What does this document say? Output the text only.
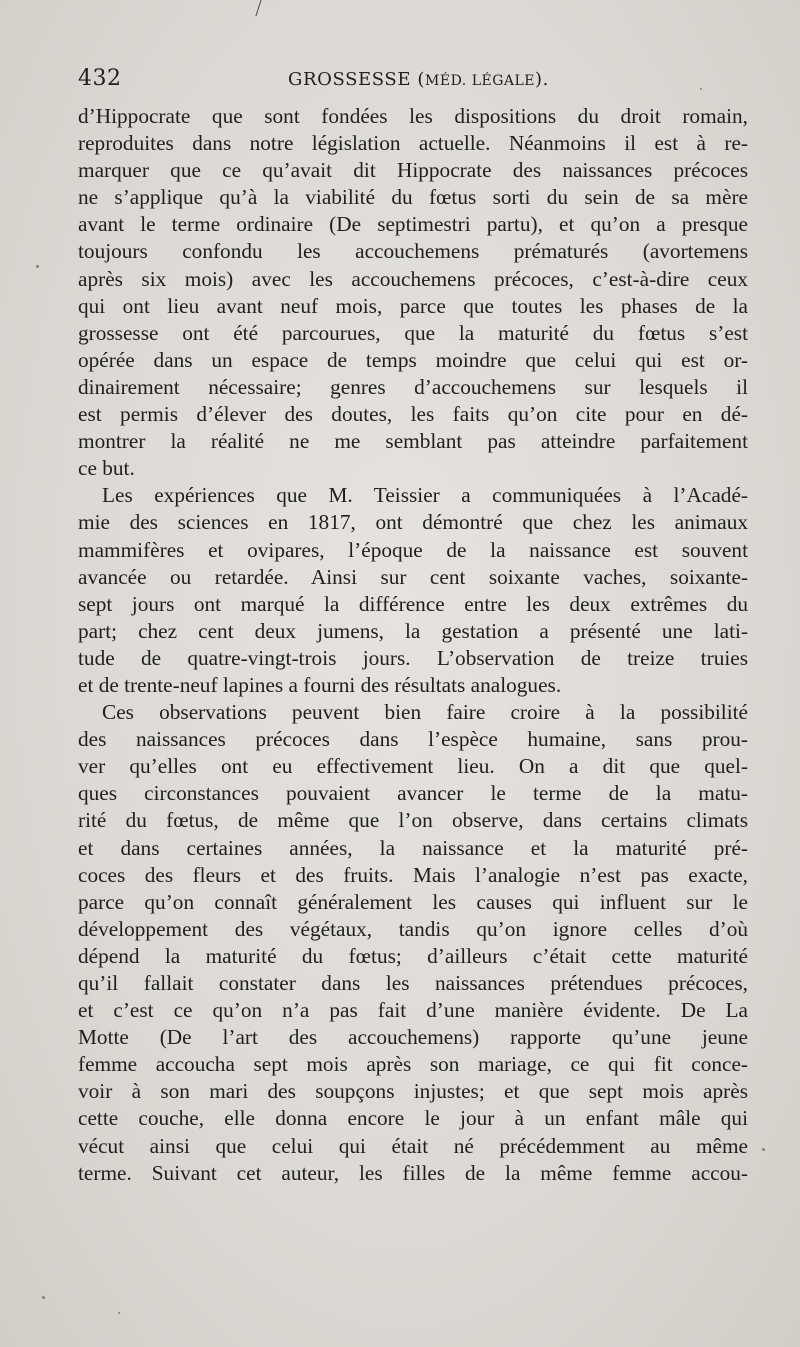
432	GROSSESSE (MÉD. LÉGALE).
d’Hippocrate que sont fondées les dispositions du droit romain,
reproduites dans notre législation actuelle. Néanmoins il est à re-
marquer que ce qu’avait dit Hippocrate des naissances précoces
ne s’applique qu’à la viabilité du fœtus sorti du sein de sa mère
avant le terme ordinaire (De septimestri partu), et qu’on a presque
toujours confondu les accouchemens prématurés (avortemens
après six mois) avec les accouchemens précoces, c’est-à-dire ceux
qui ont lieu avant neuf mois, parce que toutes les phases de la
grossesse ont été parcourues, que la maturité du fœtus s’est
opérée dans un espace de temps moindre que celui qui est or-
dinairement nécessaire; genres d’accouchemens sur lesquels il
est permis d’élever des doutes, les faits qu’on cite pour en dé-
montrer la réalité ne me semblant pas atteindre parfaitement
ce but.
Les expériences que M. Teissier a communiquées à l’Acadé-
mie des sciences en 1817, ont démontré que chez les animaux
mammifères et ovipares, l’époque de la naissance est souvent
avancée ou retardée. Ainsi sur cent soixante vaches, soixante-
sept jours ont marqué la différence entre les deux extrêmes du
part; chez cent deux jumens, la gestation a présenté une lati-
tude de quatre-vingt-trois jours. L’observation de treize truies
et de trente-neuf lapines a fourni des résultats analogues.
Ces observations peuvent bien faire croire à la possibilité
des naissances précoces dans l’espèce humaine, sans prou-
ver qu’elles ont eu effectivement lieu. On a dit que quel-
ques circonstances pouvaient avancer le terme de la matu-
rité du fœtus, de même que l’on observe, dans certains climats
et dans certaines années, la naissance et la maturité pré-
coces des fleurs et des fruits. Mais l’analogie n’est pas exacte,
parce qu’on connaît généralement les causes qui influent sur le
développement des végétaux, tandis qu’on ignore celles d’où
dépend la maturité du fœtus; d’ailleurs c’était cette maturité
qu’il fallait constater dans les naissances prétendues précoces,
et c’est ce qu’on n’a pas fait d’une manière évidente. De La
Motte (De l’art des accouchemens) rapporte qu’une jeune
femme accoucha sept mois après son mariage, ce qui fit conce-
voir à son mari des soupçons injustes; et que sept mois après
cette couche, elle donna encore le jour à un enfant mâle qui
vécut ainsi que celui qui était né précédemment au même
terme. Suivant cet auteur, les filles de la même femme accou-
